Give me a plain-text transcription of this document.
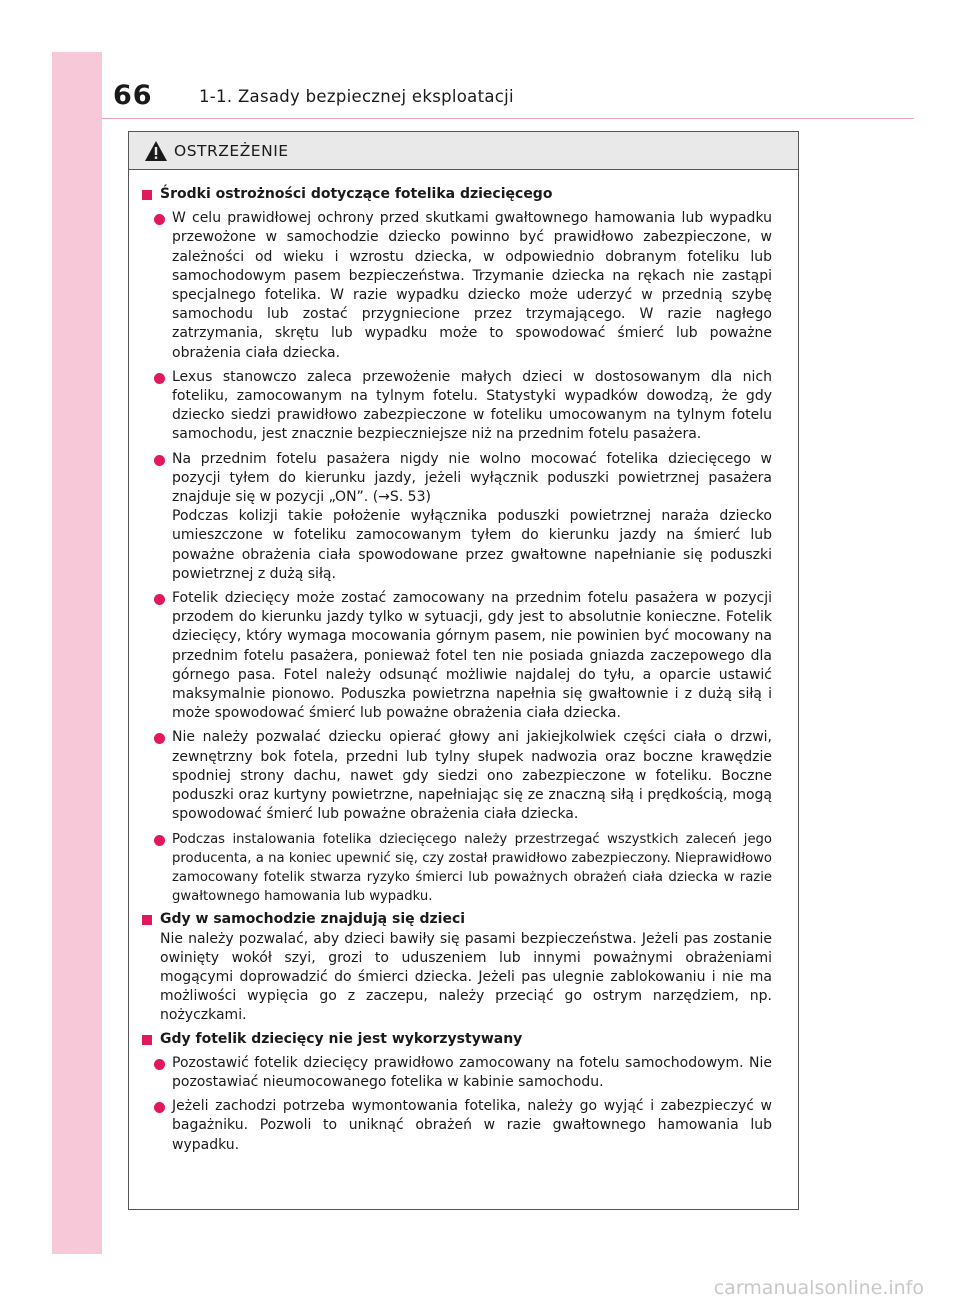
66	1-1. Zasady bezpiecznej eksploatacji
OSTRZEŻENIE
Środki ostrożności dotyczące fotelika dziecięcego

W celu prawidłowej ochrony przed skutkami gwałtownego hamowania lub wypadku przewożone w samochodzie dziecko powinno być prawidłowo zabezpieczone, w zależności od wieku i wzrostu dziecka, w odpowiednio dobranym foteliku lub samochodowym pasem bezpieczeństwa. Trzymanie dziecka na rękach nie zastąpi specjalnego fotelika. W razie wypadku dziecko może uderzyć w przednią szybę samochodu lub zostać przygniecione przez trzymającego. W razie nagłego zatrzymania, skrętu lub wypadku może to spowodować śmierć lub poważne obrażenia ciała dziecka.

Lexus stanowczo zaleca przewożenie małych dzieci w dostosowanym dla nich foteliku, zamocowanym na tylnym fotelu. Statystyki wypadków dowodzą, że gdy dziecko siedzi prawidłowo zabezpieczone w foteliku umocowanym na tylnym fotelu samochodu, jest znacznie bezpieczniejsze niż na przednim fotelu pasażera.

Na przednim fotelu pasażera nigdy nie wolno mocować fotelika dziecięcego w pozycji tyłem do kierunku jazdy, jeżeli wyłącznik poduszki powietrznej pasażera znajduje się w pozycji „ON”. (→S. 53)

Podczas kolizji takie położenie wyłącznika poduszki powietrznej naraża dziecko umieszczone w foteliku zamocowanym tyłem do kierunku jazdy na śmierć lub poważne obrażenia ciała spowodowane przez gwałtowne napełnianie się poduszki powietrznej z dużą siłą.

Fotelik dziecięcy może zostać zamocowany na przednim fotelu pasażera w pozycji przodem do kierunku jazdy tylko w sytuacji, gdy jest to absolutnie konieczne. Fotelik dziecięcy, który wymaga mocowania górnym pasem, nie powinien być mocowany na przednim fotelu pasażera, ponieważ fotel ten nie posiada gniazda zaczepowego dla górnego pasa. Fotel należy odsunąć możliwie najdalej do tyłu, a oparcie ustawić maksymalnie pionowo. Poduszka powietrzna napełnia się gwałtownie i z dużą siłą i może spowodować śmierć lub poważne obrażenia ciała dziecka.

Nie należy pozwalać dziecku opierać głowy ani jakiejkolwiek części ciała o drzwi, zewnętrzny bok fotela, przedni lub tylny słupek nadwozia oraz boczne krawędzie spodniej strony dachu, nawet gdy siedzi ono zabezpieczone w foteliku. Boczne poduszki oraz kurtyny powietrzne, napełniając się ze znaczną siłą i prędkością, mogą spowodować śmierć lub poważne obrażenia ciała dziecka.

Podczas instalowania fotelika dziecięcego należy przestrzegać wszystkich zaleceń jego producenta, a na koniec upewnić się, czy został prawidłowo zabezpieczony. Nieprawidłowo zamocowany fotelik stwarza ryzyko śmierci lub poważnych obrażeń ciała dziecka w razie gwałtownego hamowania lub wypadku.

Gdy w samochodzie znajdują się dzieci

Nie należy pozwalać, aby dzieci bawiły się pasami bezpieczeństwa. Jeżeli pas zostanie owinięty wokół szyi, grozi to uduszeniem lub innymi poważnymi obrażeniami mogącymi doprowadzić do śmierci dziecka. Jeżeli pas ulegnie zablokowaniu i nie ma możliwości wypięcia go z zaczepu, należy przeciąć go ostrym narzędziem, np. nożyczkami.

Gdy fotelik dziecięcy nie jest wykorzystywany

Pozostawić fotelik dziecięcy prawidłowo zamocowany na fotelu samochodowym. Nie pozostawiać nieumocowanego fotelika w kabinie samochodu.

Jeżeli zachodzi potrzeba wymontowania fotelika, należy go wyjąć i zabezpieczyć w bagażniku. Pozwoli to uniknąć obrażeń w razie gwałtownego hamowania lub wypadku.

carmanualsonline.info
